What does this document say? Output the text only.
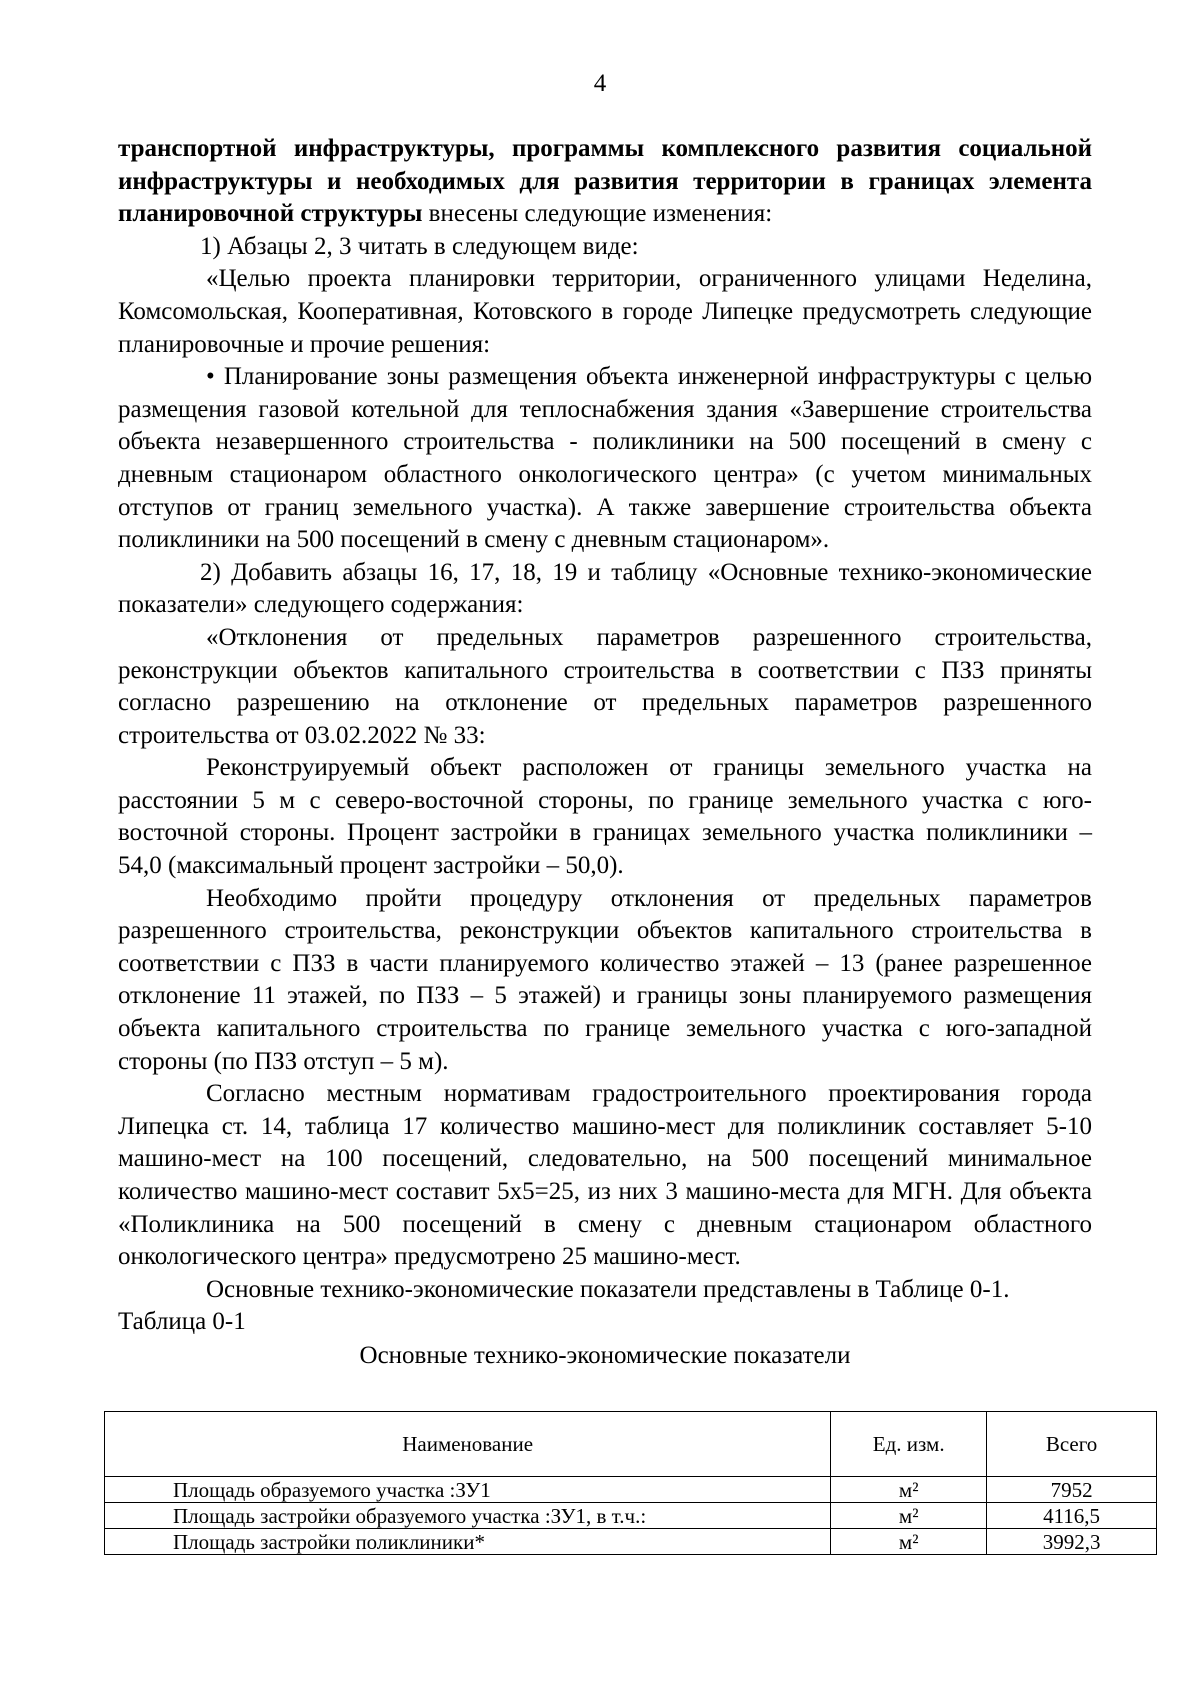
4

транспортной инфраструктуры, программы комплексного развития социальной инфраструктуры и необходимых для развития территории в границах элемента планировочной структуры внесены следующие изменения:

1) Абзацы 2, 3 читать в следующем виде:

«Целью проекта планировки территории, ограниченного улицами Неделина, Комсомольская, Кооперативная, Котовского в городе Липецке предусмотреть следующие планировочные и прочие решения:

• Планирование зоны размещения объекта инженерной инфраструктуры с целью размещения газовой котельной для теплоснабжения здания «Завершение строительства объекта незавершенного строительства - поликлиники на 500 посещений в смену с дневным стационаром областного онкологического центра» (с учетом минимальных отступов от границ земельного участка). А также завершение строительства объекта поликлиники на 500 посещений в смену с дневным стационаром».

2) Добавить абзацы 16, 17, 18, 19 и таблицу «Основные технико-экономические показатели» следующего содержания:

«Отклонения от предельных параметров разрешенного строительства, реконструкции объектов капитального строительства в соответствии с ПЗЗ приняты согласно разрешению на отклонение от предельных параметров разрешенного строительства от 03.02.2022 № 33:

Реконструируемый объект расположен от границы земельного участка на расстоянии 5 м с северо-восточной стороны, по границе земельного участка с юго-восточной стороны. Процент застройки в границах земельного участка поликлиники – 54,0 (максимальный процент застройки – 50,0).

Необходимо пройти процедуру отклонения от предельных параметров разрешенного строительства, реконструкции объектов капитального строительства в соответствии с ПЗЗ в части планируемого количество этажей – 13 (ранее разрешенное отклонение 11 этажей, по ПЗЗ – 5 этажей) и границы зоны планируемого размещения объекта капитального строительства по границе земельного участка с юго-западной стороны (по ПЗЗ отступ – 5 м).

Согласно местным нормативам градостроительного проектирования города Липецка ст. 14, таблица 17 количество машино-мест для поликлиник составляет 5-10 машино-мест на 100 посещений, следовательно, на 500 посещений минимальное количество машино-мест составит 5x5=25, из них 3 машино-места для МГН. Для объекта «Поликлиника на 500 посещений в смену с дневным стационаром областного онкологического центра» предусмотрено 25 машино-мест.

Основные технико-экономические показатели представлены в Таблице 0-1.

Таблица 0-1

Основные технико-экономические показатели

Наименование	Ед. изм.	Всего
Площадь образуемого участка :ЗУ1	м²	7952
Площадь застройки образуемого участка :ЗУ1, в т.ч.:	м²	4116,5
Площадь застройки поликлиники*	м²	3992,3
